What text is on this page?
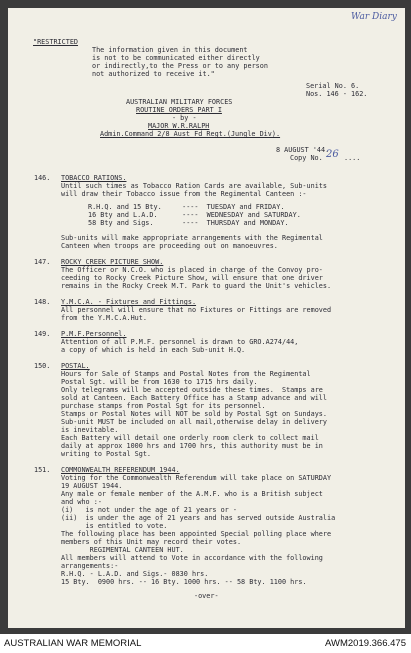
War Diary
"RESTRICTED
The information given in this document
is not to be communicated either directly
or indirectly,to the Press or to any person
not authorized to receive it."
Serial No. 6.
Nos. 146 - 162.
AUSTRALIAN MILITARY FORCES
ROUTINE ORDERS PART I
- by -
MAJOR W.R.RALPH
Admin.Command 2/8 Aust Fd Regt.(Jungle Div).
8 AUGUST '44.
Copy No. 26 ....
146. TOBACCO RATIONS.
Until such times as Tobacco Ration Cards are available, Sub-units
will draw their Tobacco issue from the Regimental Canteen :-
R.H.Q. and 15 Bty.     ----  TUESDAY and FRIDAY.
16 Bty and L.A.D.      ----  WEDNESDAY and SATURDAY.
58 Bty and Sigs.       ----  THURSDAY and MONDAY.
Sub-units will make appropriate arrangements with the Regimental
Canteen when troops are proceeding out on manoeuvres.
147. ROCKY CREEK PICTURE SHOW.
The Officer or N.C.O. who is placed in charge of the Convoy pro-
ceeding to Rocky Creek Picture Show, will ensure that one driver
remains in the Rocky Creek M.T. Park to guard the Unit's vehicles.
148. Y.M.C.A. - Fixtures and Fittings.
All personnel will ensure that no Fixtures or Fittings are removed
from the Y.M.C.A.Hut.
149. P.M.F.Personnel.
Attention of all P.M.F. personnel is drawn to GRO.A274/44,
a copy of which is held in each Sub-unit H.Q.
150. POSTAL.
Hours for Sale of Stamps and Postal Notes from the Regimental
Postal Sgt. will be from 1630 to 1715 hrs daily.
Only telegrams will be accepted outside these times.  Stamps are
sold at Canteen. Each Battery Office has a Stamp advance and will
purchase stamps from Postal Sgt for its personnel.
Stamps or Postal Notes will NOT be sold by Postal Sgt on Sundays.
Sub-unit MUST be included on all mail,otherwise delay in delivery
is inevitable.
Each Battery will detail one orderly room clerk to collect mail
daily at approx 1000 hrs and 1700 hrs, this authority must be in
writing to Postal Sgt.
151. COMMONWEALTH REFERENDUM 1944.
Voting for the Commonwealth Referendum will take place on SATURDAY
19 AUGUST 1944.
Any male or female member of the A.M.F. who is a British subject
and who :-
(i)   is not under the age of 21 years or -
(ii)  is under the age of 21 years and has served outside Australia
is entitled to vote.
The following place has been appointed Special polling place where
members of this Unit may record their votes.
REGIMENTAL CANTEEN HUT.
All members will attend to Vote in accordance with the following
arrangements:-
R.H.Q. - L.A.D. and Sigs.- 0830 hrs.
15 Bty.  0900 hrs. -- 16 Bty. 1000 hrs. -- 58 Bty. 1100 hrs.
-over-
AUSTRALIAN WAR MEMORIAL	AWM2019.366.475
